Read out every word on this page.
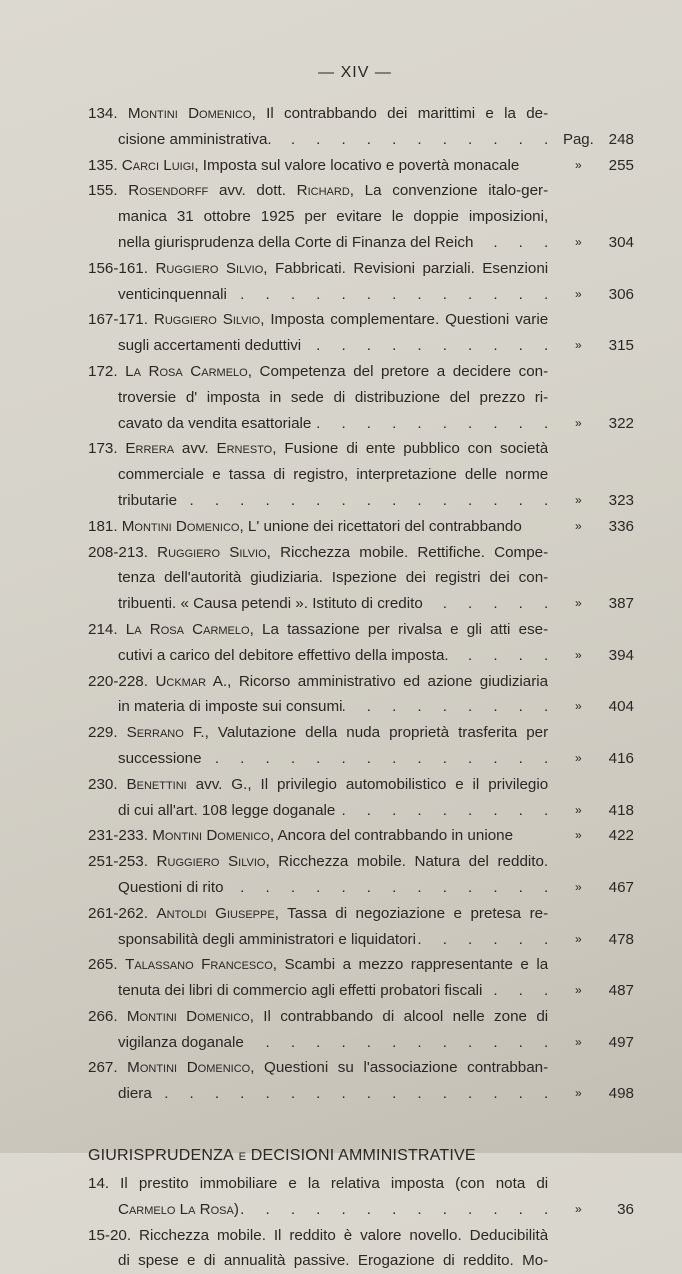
— XIV —
134. Montini Domenico, Il contrabbando dei marittimi e la de-
cisione amministrativa. .	Pag. 248
135. Carci Luigi, Imposta sul valore locativo e povertà monacale	»	255
155. Rosendorff avv. dott. Richard, La convenzione italo-ger-
manica 31 ottobre 1925 per evitare le doppie imposizioni,
nella giurisprudenza della Corte di Finanza del Reich .	»	304
156-161. Ruggiero Silvio, Fabbricati. Revisioni parziali. Esenzioni
venticinquennali .	»	306
167-171. Ruggiero Silvio, Imposta complementare. Questioni varie
sugli accertamenti deduttivi .	»	315
172. La Rosa Carmelo, Competenza del pretore a decidere con-
troversie d' imposta in sede di distribuzione del prezzo ri-
cavato da vendita esattoriale .	»	322
173. Errera avv. Ernesto, Fusione di ente pubblico con società
commerciale e tassa di registro, interpretazione delle norme
tributarie .	»	323
181. Montini Domenico, L' unione dei ricettatori del contrabbando	»	336
208-213. Ruggiero Silvio, Ricchezza mobile. Rettifiche. Compe-
tenza dell'autorità giudiziaria. Ispezione dei registri dei con-
tribuenti. « Causa petendi ». Istituto di credito .	»	387
214. La Rosa Carmelo, La tassazione per rivalsa e gli atti ese-
cutivi a carico del debitore effettivo della imposta. .	»	394
220-228. Uckmar A., Ricorso amministrativo ed azione giudiziaria
in materia di imposte sui consumi .	»	404
229. Serrano F., Valutazione della nuda proprietà trasferita per
successione .	»	416
230. Benettini avv. G., Il privilegio automobilistico e il privilegio
di cui all'art. 108 legge doganale .	»	418
231-233. Montini Domenico, Ancora del contrabbando in unione	»	422
251-253. Ruggiero Silvio, Ricchezza mobile. Natura del reddito.
Questioni di rito .	»	467
261-262. Antoldi Giuseppe, Tassa di negoziazione e pretesa re-
sponsabilità degli amministratori e liquidatori .	»	478
265. Talassano Francesco, Scambi a mezzo rappresentante e la
tenuta dei libri di commercio agli effetti probatori fiscali .	»	487
266. Montini Domenico, Il contrabbando di alcool nelle zone di
vigilanza doganale .	»	497
267. Montini Domenico, Questioni su l'associazione contrabban-
diera .	»	498
GIURISPRUDENZA e DECISIONI AMMINISTRATIVE
14. Il prestito immobiliare e la relativa imposta (con nota di
Carmelo La Rosa) .	»	36
15-20. Ricchezza mobile. Il reddito è valore novello. Deducibilità
di spese e di annualità passive. Erogazione di reddito. Mo-
